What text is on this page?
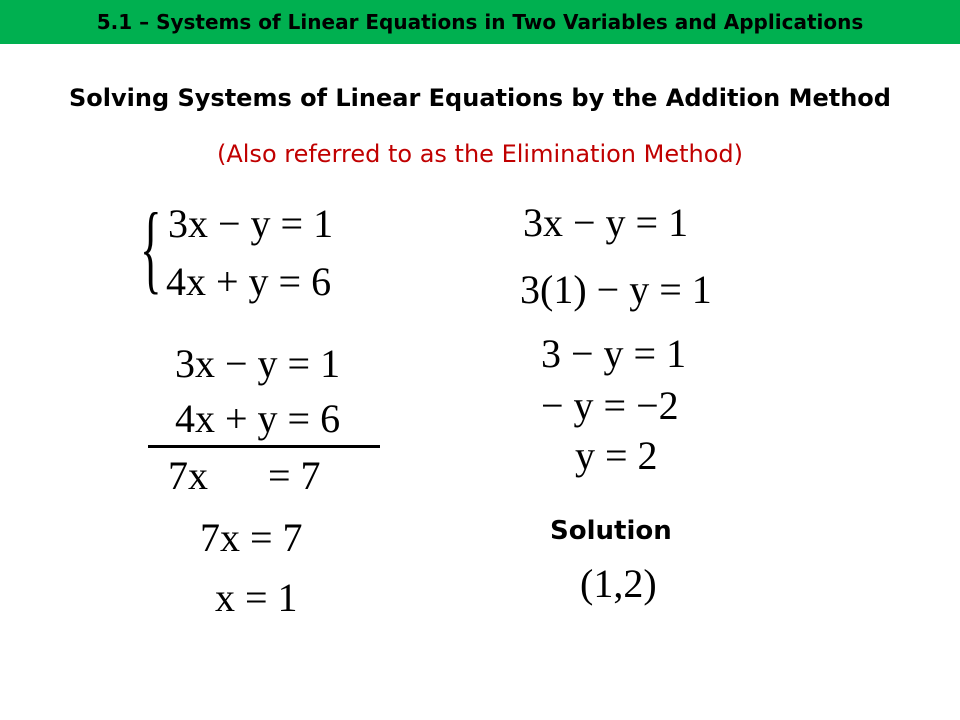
5.1 – Systems of Linear Equations in Two Variables and Applications
Solving Systems of Linear Equations by the Addition Method
(Also referred to as the Elimination Method)
{ 3x − y = 1
4x + y = 6
3x − y = 1
4x + y = 6
7x      = 7
7x = 7
x = 1
3x − y = 1
3(1) − y = 1
3 − y = 1
− y = −2
y = 2
Solution
(1,2)
